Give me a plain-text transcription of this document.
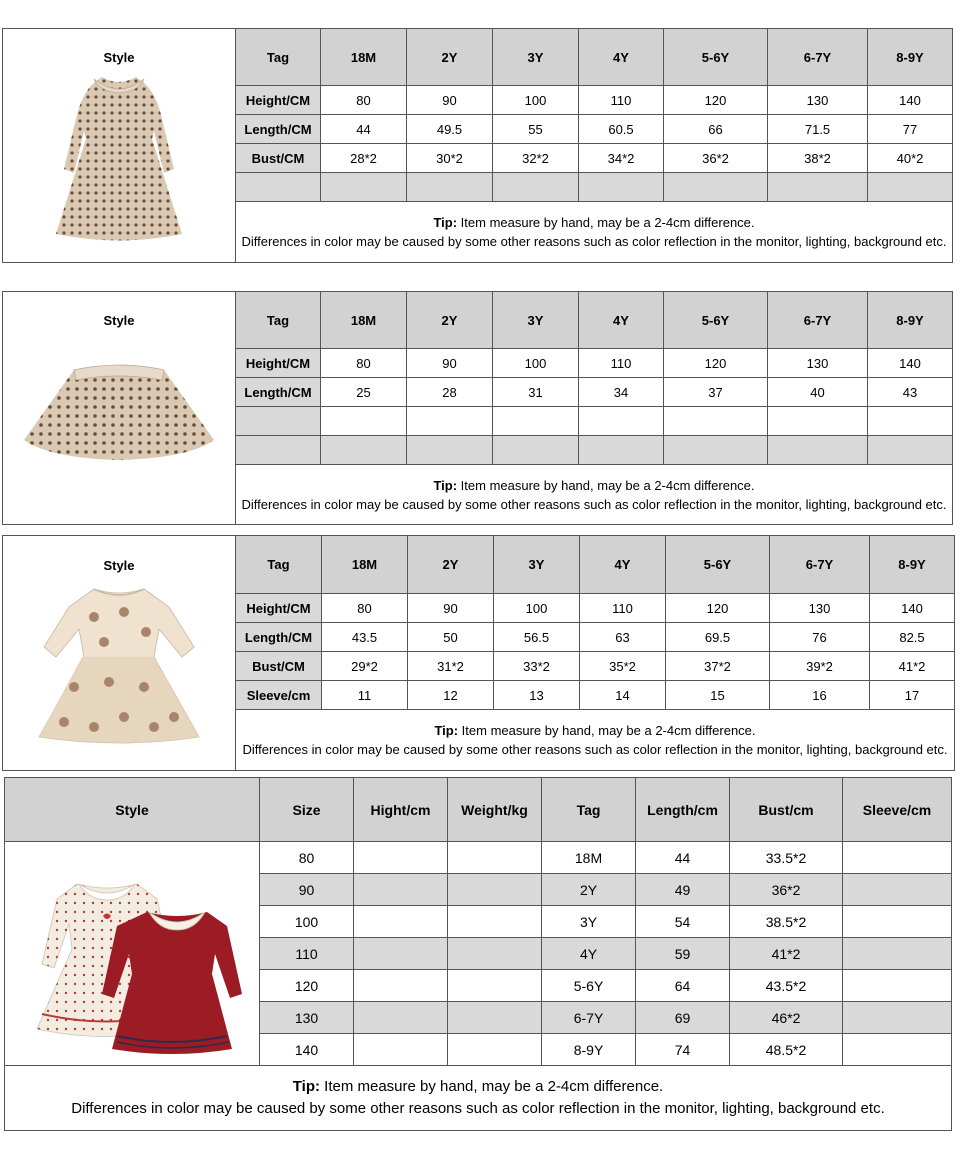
Style	Tag	18M	2Y	3Y	4Y	5-6Y	6-7Y	8-9Y
	Height/CM	80	90	100	110	120	130	140
	Length/CM	44	49.5	55	60.5	66	71.5	77
	Bust/CM	28*2	30*2	32*2	34*2	36*2	38*2	40*2

	Tip: Item measure by hand, may be a 2-4cm difference.
Differences in color may be caused by some other reasons such as color reflection in the monitor, lighting, background etc.							
Style	Tag	18M	2Y	3Y	4Y	5-6Y	6-7Y	8-9Y
	Height/CM	80	90	100	110	120	130	140
	Length/CM	25	28	31	34	37	40	43

	Tip: Item measure by hand, may be a 2-4cm difference.
Differences in color may be caused by some other reasons such as color reflection in the monitor, lighting, background etc.							
Style	Tag	18M	2Y	3Y	4Y	5-6Y	6-7Y	8-9Y
	Height/CM	80	90	100	110	120	130	140
	Length/CM	43.5	50	56.5	63	69.5	76	82.5
	Bust/CM	29*2	31*2	33*2	35*2	37*2	39*2	41*2
	Sleeve/cm	11	12	13	14	15	16	17
	Tip: Item measure by hand, may be a 2-4cm difference.
Differences in color may be caused by some other reasons such as color reflection in the monitor, lighting, background etc.							
Style	Size	Hight/cm	Weight/kg	Tag	Length/cm	Bust/cm	Sleeve/cm

	80			18M	44	33.5*2	
	90			2Y	49	36*2	
	100			3Y	54	38.5*2	
	110			4Y	59	41*2	
	120			5-6Y	64	43.5*2	
	130			6-7Y	69	46*2	
	140			8-9Y	74	48.5*2	
Tip: Item measure by hand, may be a 2-4cm difference.
Differences in color may be caused by some other reasons such as color reflection in the monitor, lighting, background etc.							
